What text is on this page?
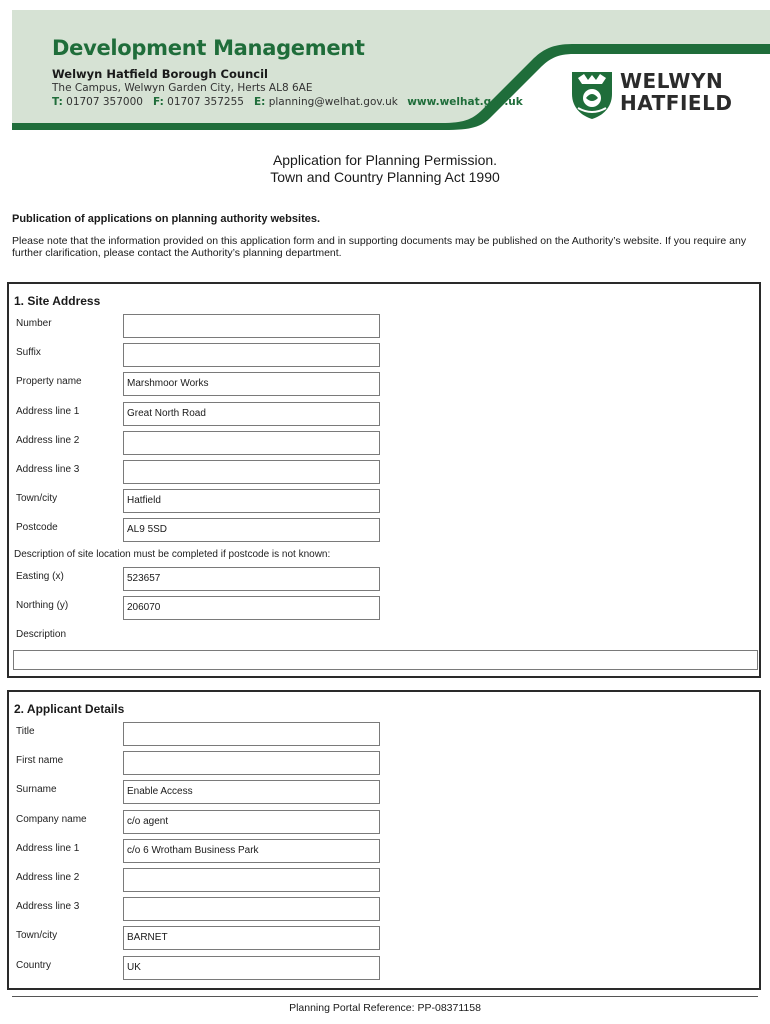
Development Management
Welwyn Hatfield Borough Council
The Campus, Welwyn Garden City, Herts AL8 6AE
T: 01707 357000 F: 01707 357255 E: planning@welhat.gov.uk www.welhat.gov.uk
WELWYN
HATFIELD
Application for Planning Permission.
Town and Country Planning Act 1990
Publication of applications on planning authority websites.
Please note that the information provided on this application form and in supporting documents may be published on the Authority’s website. If you require any further clarification, please contact the Authority’s planning department.
1. Site Address
Number
Suffix
Property name	Marshmoor Works
Address line 1	Great North Road
Address line 2
Address line 3
Town/city	Hatfield
Postcode	AL9 5SD
Description of site location must be completed if postcode is not known:
Easting (x)	523657
Northing (y)	206070
Description
2. Applicant Details
Title
First name
Surname	Enable Access
Company name	c/o agent
Address line 1	c/o 6 Wrotham Business Park
Address line 2
Address line 3
Town/city	BARNET
Country	UK
Planning Portal Reference: PP-08371158
